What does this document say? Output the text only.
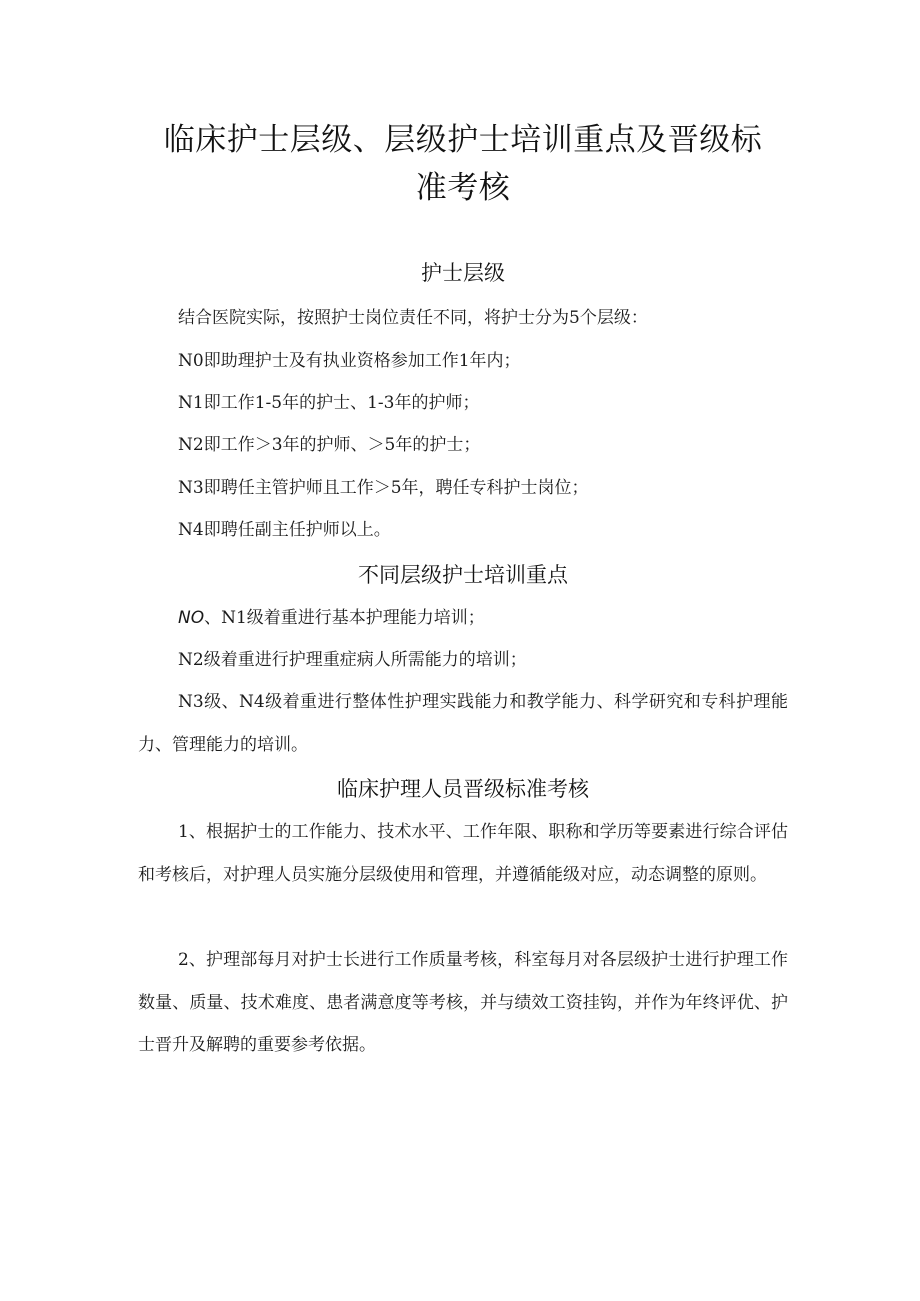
临床护士层级、层级护士培训重点及晋级标
准考核
护士层级

结合医院实际，按照护士岗位责任不同，将护士分为5个层级：

N0即助理护士及有执业资格参加工作1年内；

N1即工作1-5年的护士、1-3年的护师；

N2即工作＞3年的护师、＞5年的护士；

N3即聘任主管护师且工作＞5年，聘任专科护士岗位；

N4即聘任副主任护师以上。

不同层级护士培训重点

NO、N1级着重进行基本护理能力培训；

N2级着重进行护理重症病人所需能力的培训；

N3级、N4级着重进行整体性护理实践能力和教学能力、科学研究和专科护理能力、管理能力的培训。

临床护理人员晋级标准考核

1、根据护士的工作能力、技术水平、工作年限、职称和学历等要素进行综合评估和考核后，对护理人员实施分层级使用和管理，并遵循能级对应，动态调整的原则。

2、护理部每月对护士长进行工作质量考核，科室每月对各层级护士进行护理工作数量、质量、技术难度、患者满意度等考核，并与绩效工资挂钩，并作为年终评优、护士晋升及解聘的重要参考依据。
